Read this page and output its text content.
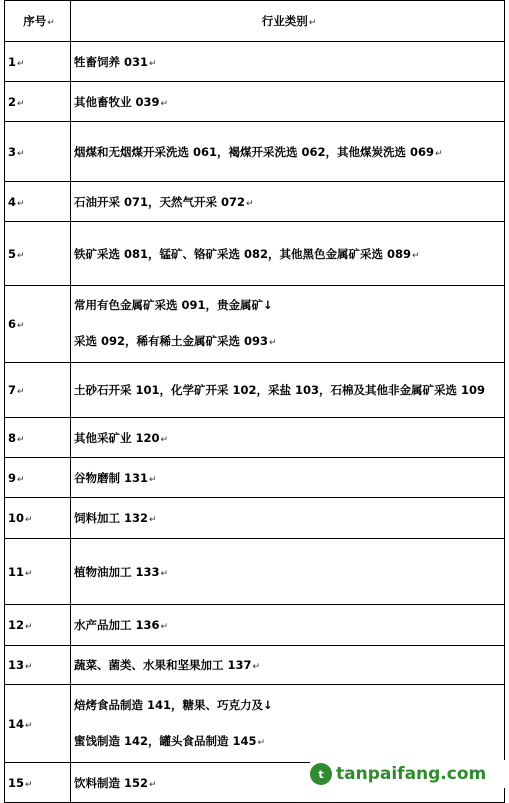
序号↵	行业类别↵
1↵	牲畜饲养 031↵
2↵	其他畜牧业 039↵
3↵	烟煤和无烟煤开采洗选 061，褐煤开采洗选 062，其他煤炭洗选 069↵
4↵	石油开采 071，天然气开采 072↵
5↵	铁矿采选 081，锰矿、铬矿采选 082，其他黑色金属矿采选 089↵
6↵	常用有色金属矿采选 091，贵金属矿↓
采选 092，稀有稀土金属矿采选 093↵

7↵	土砂石开采 101，化学矿开采 102，采盐 103，石棉及其他非金属矿采选 109
8↵	其他采矿业 120↵
9↵	谷物磨制 131↵
10↵	饲料加工 132↵
11↵	植物油加工 133↵
12↵	水产品加工 136↵
13↵	蔬菜、菌类、水果和坚果加工 137↵
14↵	焙烤食品制造 141，糖果、巧克力及↓
蜜饯制造 142，罐头食品制造 145↵

15↵	饮料制造 152↵
t tanpaifang.com
